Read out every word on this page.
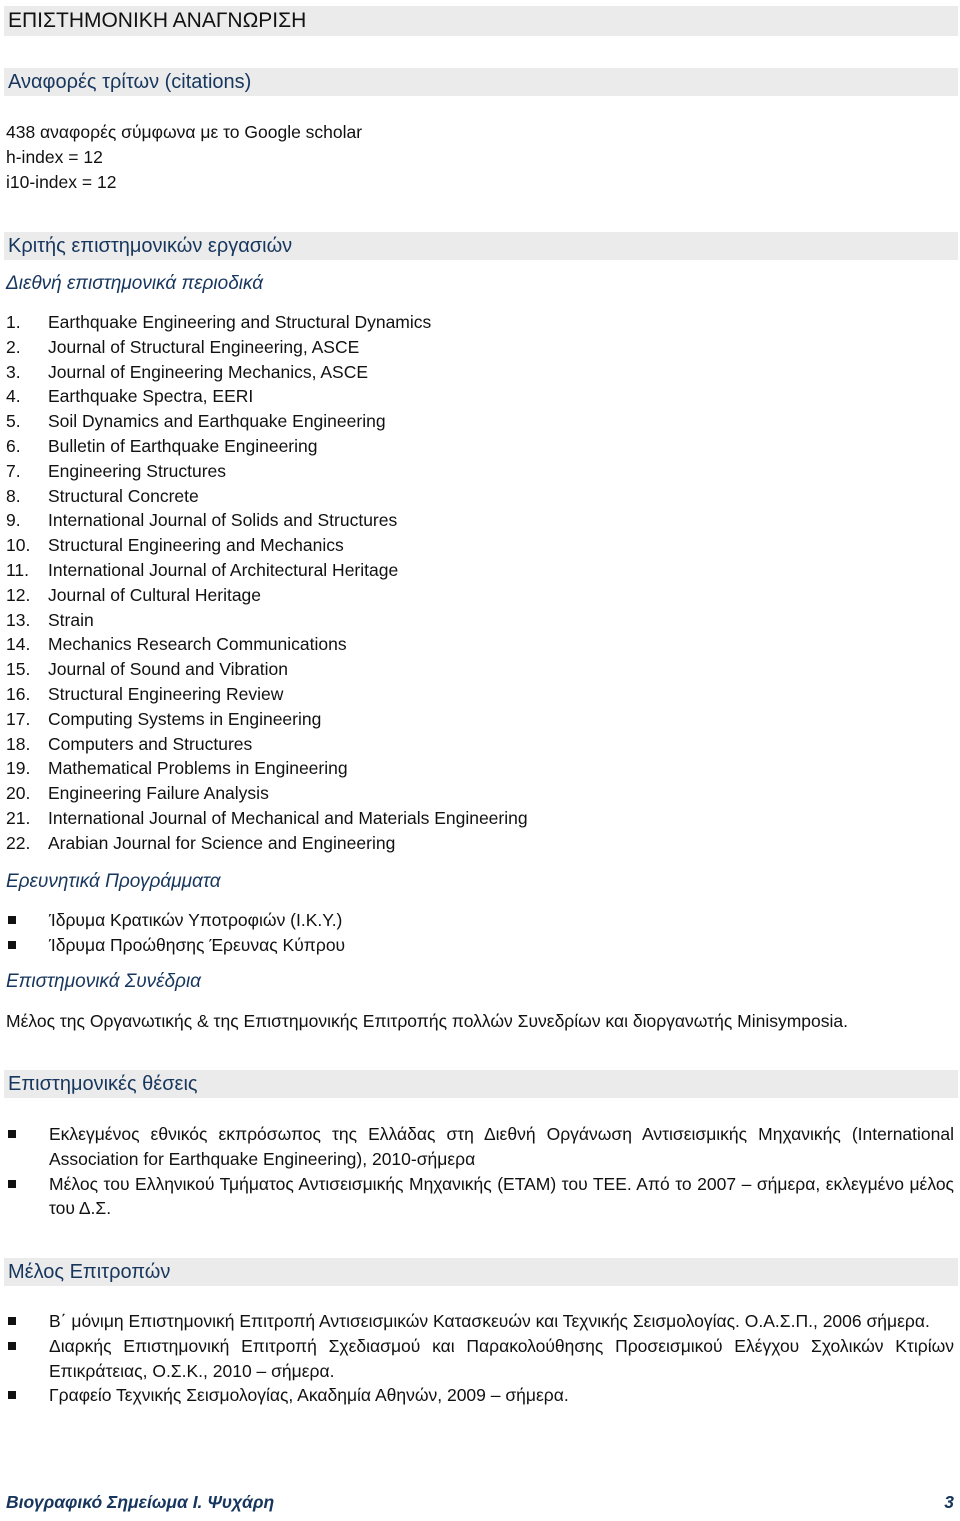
ΕΠΙΣΤΗΜΟΝΙΚΗ ΑΝΑΓΝΩΡΙΣΗ
Αναφορές τρίτων (citations)
438 αναφορές σύμφωνα με το Google scholar
h-index = 12
i10-index = 12
Κριτής επιστημονικών εργασιών
Διεθνή επιστημονικά περιοδικά
1. Earthquake Engineering and Structural Dynamics
2. Journal of Structural Engineering, ASCE
3. Journal of Engineering Mechanics, ASCE
4. Earthquake Spectra, EERI
5. Soil Dynamics and Earthquake Engineering
6. Bulletin of Earthquake Engineering
7. Engineering Structures
8. Structural Concrete
9. International Journal of Solids and Structures
10. Structural Engineering and Mechanics
11. International Journal of Architectural Heritage
12. Journal of Cultural Heritage
13. Strain
14. Mechanics Research Communications
15. Journal of Sound and Vibration
16. Structural Engineering Review
17. Computing Systems in Engineering
18. Computers and Structures
19. Mathematical Problems in Engineering
20. Engineering Failure Analysis
21. International Journal of Mechanical and Materials Engineering
22. Arabian Journal for Science and Engineering
Ερευνητικά Προγράμματα
Ίδρυμα Κρατικών Υποτροφιών (Ι.Κ.Υ.)
Ίδρυμα Προώθησης Έρευνας Κύπρου
Επιστημονικά Συνέδρια
Μέλος της Οργανωτικής & της Επιστημονικής Επιτροπής πολλών Συνεδρίων και διοργανωτής Minisymposia.
Επιστημονικές θέσεις
Εκλεγμένος εθνικός εκπρόσωπος της Ελλάδας στη Διεθνή Οργάνωση Αντισεισμικής Μηχανικής (International Association for Earthquake Engineering), 2010-σήμερα
Μέλος του Ελληνικού Τμήματος Αντισεισμικής Μηχανικής (ΕΤΑΜ) του ΤΕΕ. Από το 2007 – σήμερα, εκλεγμένο μέλος του Δ.Σ.
Μέλος Επιτροπών
Β΄ μόνιμη Επιστημονική Επιτροπή Αντισεισμικών Κατασκευών και Τεχνικής Σεισμολογίας. Ο.Α.Σ.Π., 2006 σήμερα.
Διαρκής Επιστημονική Επιτροπή Σχεδιασμού και Παρακολούθησης Προσεισμικού Ελέγχου Σχολικών Κτιρίων Επικράτειας, Ο.Σ.Κ., 2010 – σήμερα.
Γραφείο Τεχνικής Σεισμολογίας, Ακαδημία Αθηνών, 2009 – σήμερα.
Βιογραφικό Σημείωμα Ι. Ψυχάρη	3
